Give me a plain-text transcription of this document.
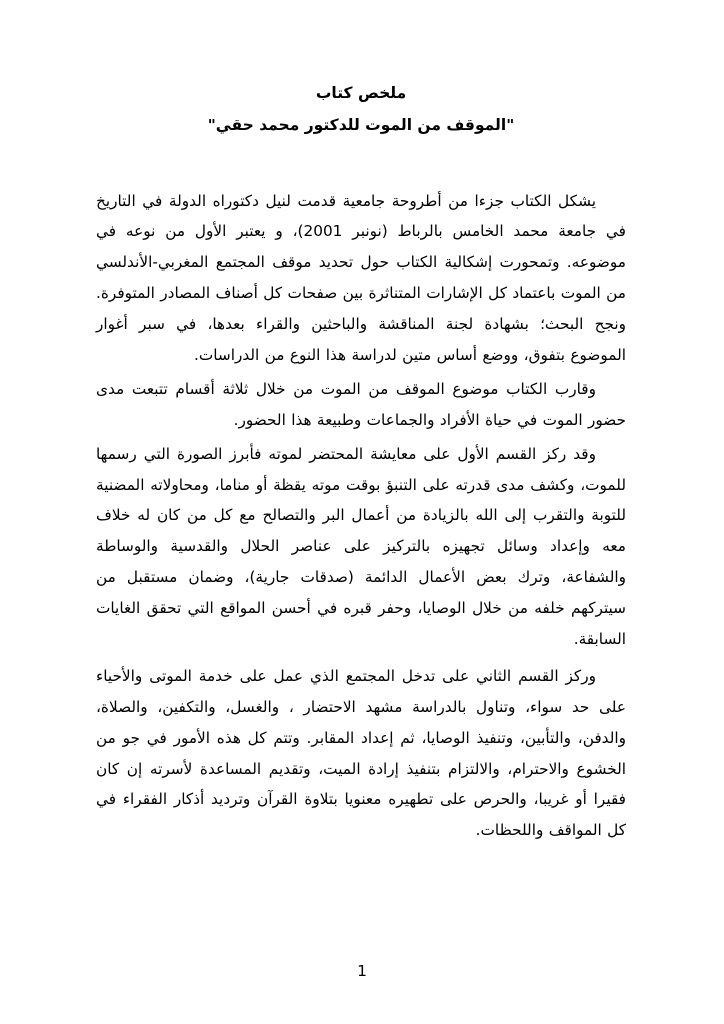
ملخص كتاب
"الموقف من الموت للدكتور محمد حقي"

يشكل الكتاب جزءا من أطروحة جامعية قدمت لنيل دكتوراه الدولة في التاريخ في جامعة محمد الخامس بالرباط (نونبر 2001)، و يعتبر الأول من نوعه في موضوعه. وتمحورت إشكالية الكتاب حول تحديد موقف المجتمع المغربي-الأندلسي من الموت باعتماد كل الإشارات المتناثرة بين صفحات كل أصناف المصادر المتوفرة. ونجح البحث؛ بشهادة لجنة المناقشة والباحثين والقراء بعدها، في سبر أغوار الموضوع بتفوق، ووضع أساس متين لدراسة هذا النوع من الدراسات.

وقارب الكتاب موضوع الموقف من الموت من خلال ثلاثة أقسام تتبعت مدى حضور الموت في حياة الأفراد والجماعات وطبيعة هذا الحضور.

وقد ركز القسم الأول على معايشة المحتضر لموته فأبرز الصورة التي رسمها للموت، وكشف مدى قدرته على التنبؤ بوقت موته يقظة أو مناما، ومحاولاته المضنية للتوبة والتقرب إلى الله بالزيادة من أعمال البر والتصالح مع كل من كان له خلاف معه وإعداد وسائل تجهيزه بالتركيز على عناصر الحلال والقدسية والوساطة والشفاعة، وترك بعض الأعمال الدائمة (صدقات جارية)، وضمان مستقبل من سيتركهم خلفه من خلال الوصايا، وحفر قبره في أحسن المواقع التي تحقق الغايات السابقة.

وركز القسم الثاني على تدخل المجتمع الذي عمل على خدمة الموتى والأحياء على حد سواء، وتناول بالدراسة مشهد الاحتضار ، والغسل، والتكفين، والصلاة، والدفن، والتأبين، وتنفيذ الوصايا، ثم إعداد المقابر. وتتم كل هذه الأمور في جو من الخشوع والاحترام، والالتزام بتنفيذ إرادة الميت، وتقديم المساعدة لأسرته إن كان فقيرا أو غريبا، والحرص على تطهيره معنويا بتلاوة القرآن وترديد أذكار الفقراء في كل المواقف واللحظات.

1
